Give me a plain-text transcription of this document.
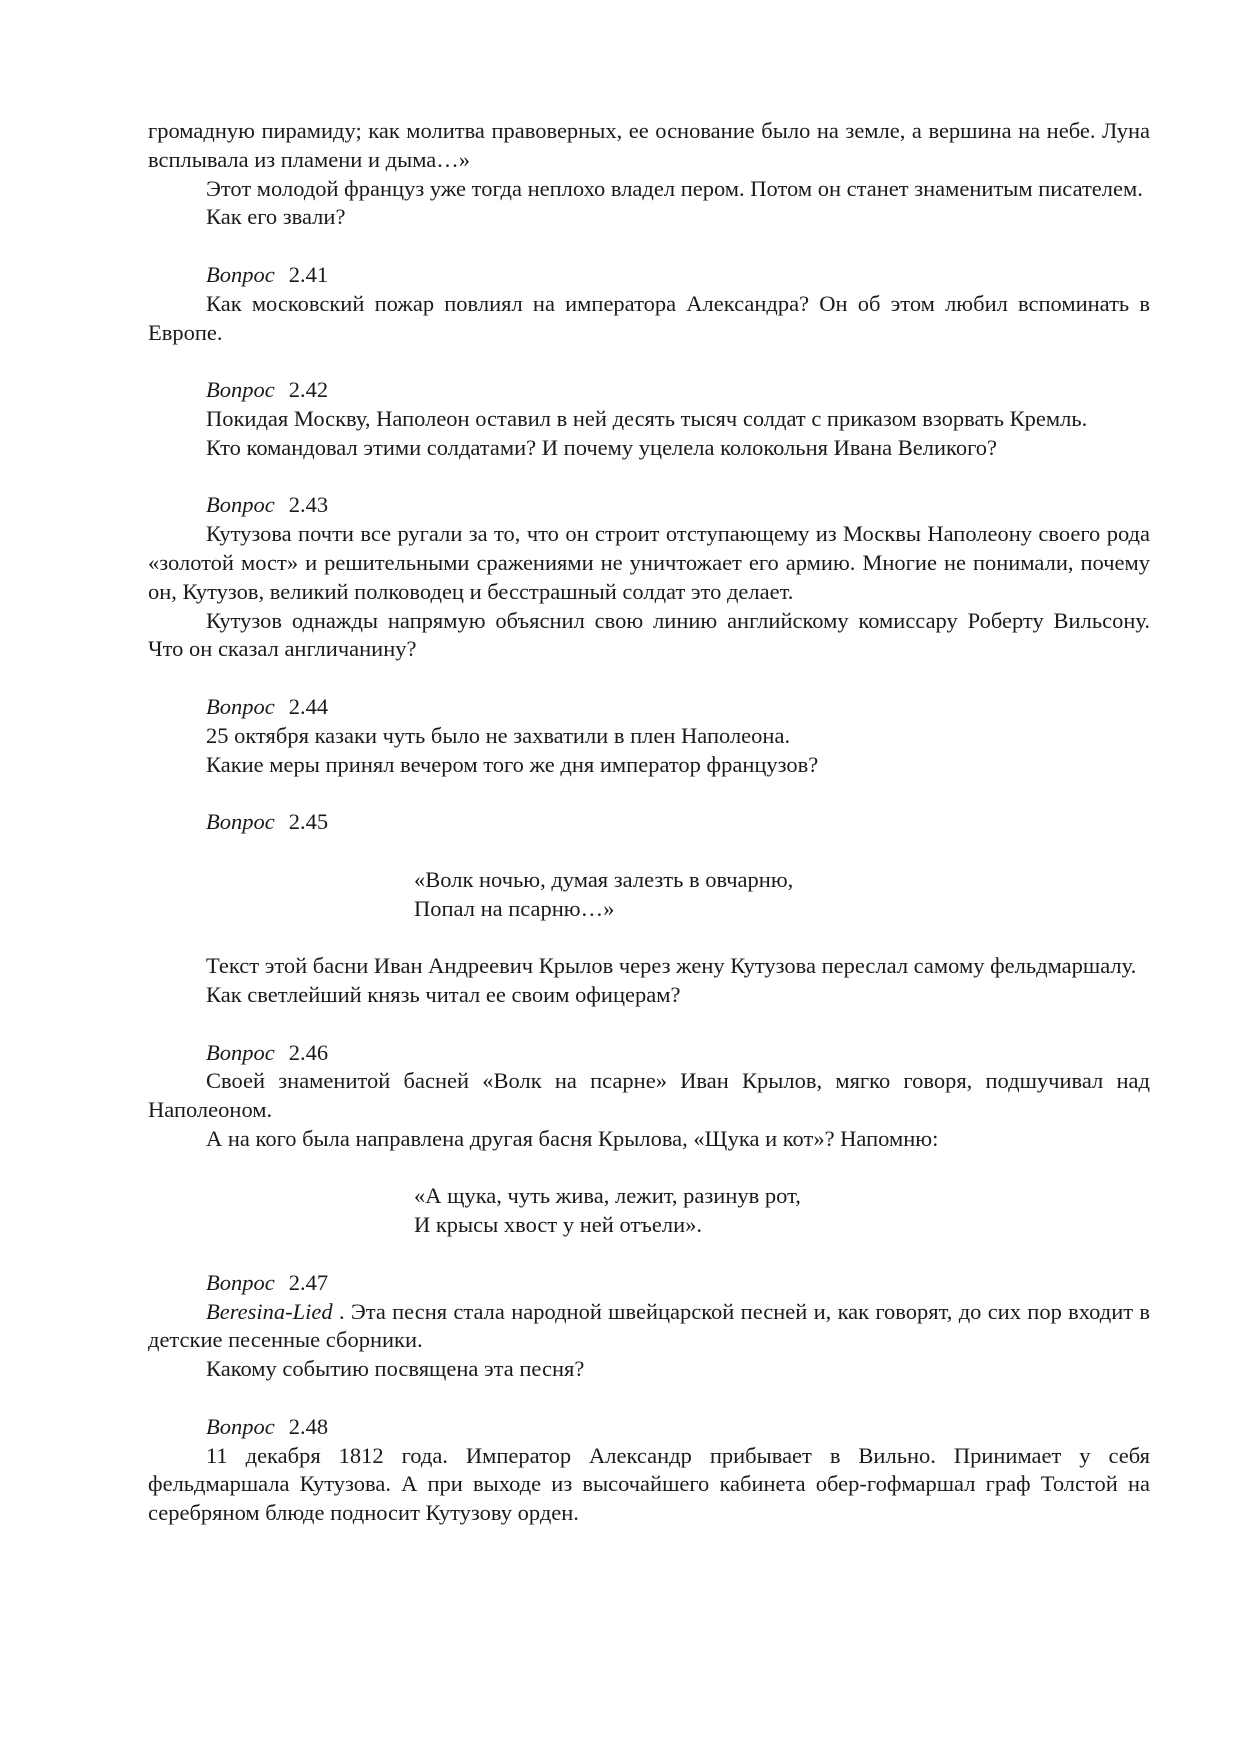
громадную пирамиду; как молитва правоверных, ее основание было на земле, а вершина на небе. Луна всплывала из пламени и дыма…»

Этот молодой француз уже тогда неплохо владел пером. Потом он станет знаменитым писателем.

Как его звали?

Вопрос 2.41

Как московский пожар повлиял на императора Александра? Он об этом любил вспоминать в Европе.

Вопрос 2.42

Покидая Москву, Наполеон оставил в ней десять тысяч солдат с приказом взорвать Кремль.

Кто командовал этими солдатами? И почему уцелела колокольня Ивана Великого?

Вопрос 2.43

Кутузова почти все ругали за то, что он строит отступающему из Москвы Наполеону своего рода «золотой мост» и решительными сражениями не уничтожает его армию. Многие не понимали, почему он, Кутузов, великий полководец и бесстрашный солдат это делает.

Кутузов однажды напрямую объяснил свою линию английскому комиссару Роберту Вильсону. Что он сказал англичанину?

Вопрос 2.44

25 октября казаки чуть было не захватили в плен Наполеона.

Какие меры принял вечером того же дня император французов?

Вопрос 2.45
«Волк ночью, думая залезть в овчарню,
Попал на псарню…»

Текст этой басни Иван Андреевич Крылов через жену Кутузова переслал самому фельдмаршалу.

Как светлейший князь читал ее своим офицерам?

Вопрос 2.46

Своей знаменитой басней «Волк на псарне» Иван Крылов, мягко говоря, подшучивал над Наполеоном.

А на кого была направлена другая басня Крылова, «Щука и кот»? Напомню:

«А щука, чуть жива, лежит, разинув рот,
И крысы хвост у ней отъели».
Вопрос 2.47

Beresina-Lied . Эта песня стала народной швейцарской песней и, как говорят, до сих пор входит в детские песенные сборники.

Какому событию посвящена эта песня?

Вопрос 2.48

11 декабря 1812 года. Император Александр прибывает в Вильно. Принимает у себя фельдмаршала Кутузова. А при выходе из высочайшего кабинета обер-гофмаршал граф Толстой на серебряном блюде подносит Кутузову орден.
